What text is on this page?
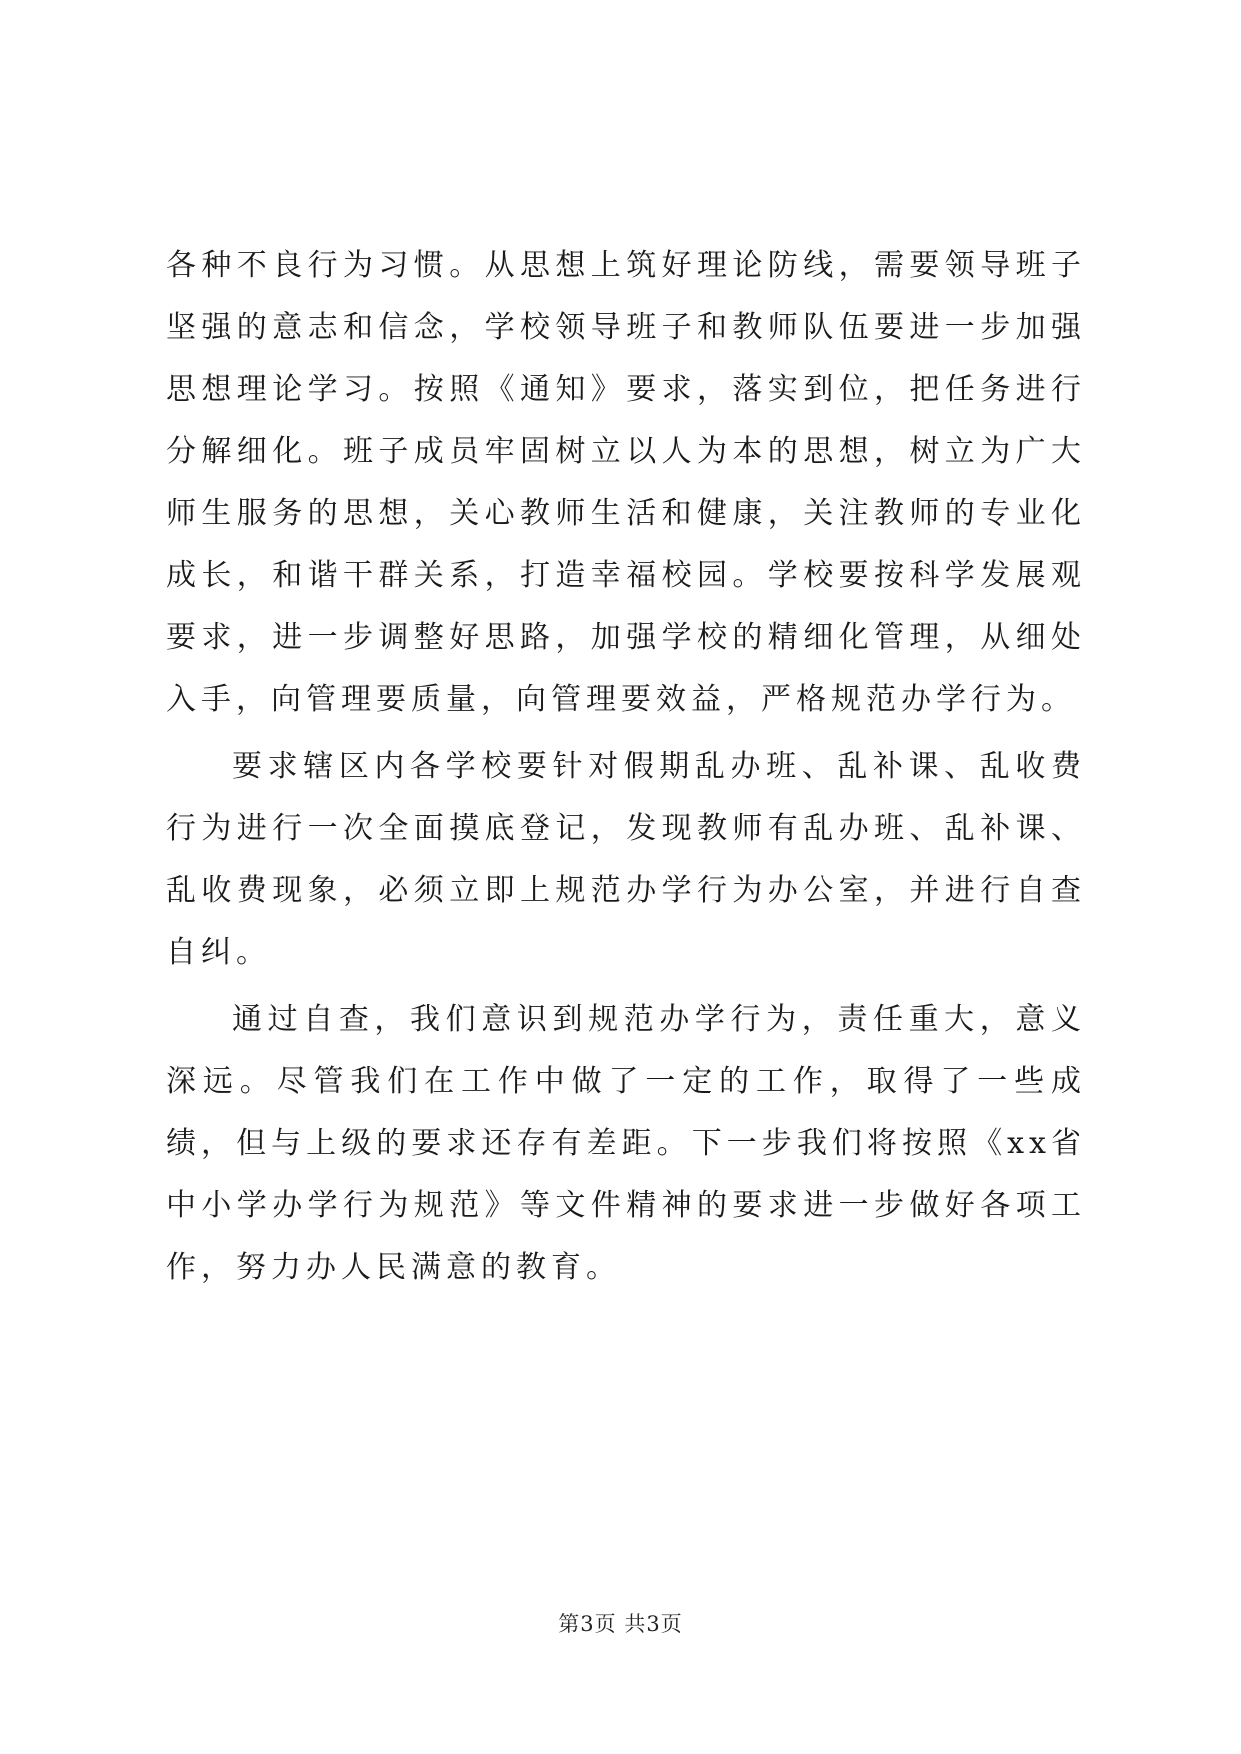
各种不良行为习惯。从思想上筑好理论防线，需要领导班子坚强的意志和信念，学校领导班子和教师队伍要进一步加强思想理论学习。按照《通知》要求，落实到位，把任务进行分解细化。班子成员牢固树立以人为本的思想，树立为广大师生服务的思想，关心教师生活和健康，关注教师的专业化成长，和谐干群关系，打造幸福校园。学校要按科学发展观要求，进一步调整好思路，加强学校的精细化管理，从细处入手，向管理要质量，向管理要效益，严格规范办学行为。

要求辖区内各学校要针对假期乱办班、乱补课、乱收费行为进行一次全面摸底登记，发现教师有乱办班、乱补课、乱收费现象，必须立即上规范办学行为办公室，并进行自查自纠。

通过自查，我们意识到规范办学行为，责任重大，意义深远。尽管我们在工作中做了一定的工作，取得了一些成绩，但与上级的要求还存有差距。下一步我们将按照《xx省中小学办学行为规范》等文件精神的要求进一步做好各项工作，努力办人民满意的教育。

第3页 共3页
